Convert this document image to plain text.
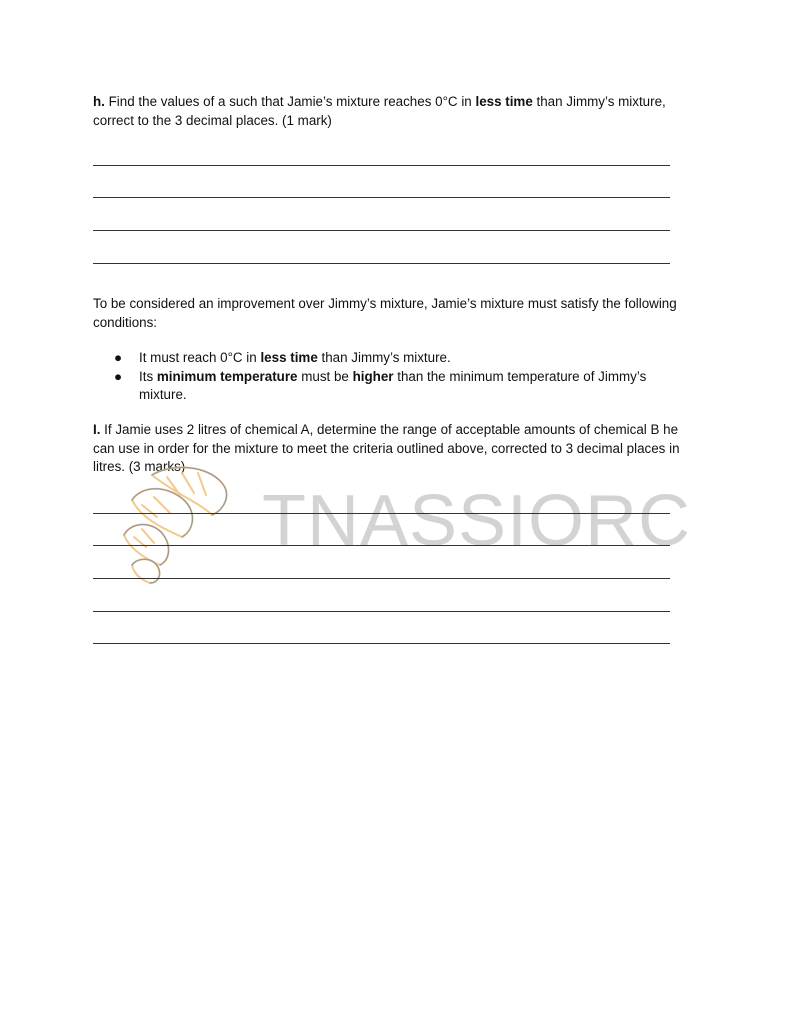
h. Find the values of a such that Jamie’s mixture reaches 0°C in less time than Jimmy’s mixture, correct to the 3 decimal places. (1 mark)

To be considered an improvement over Jimmy’s mixture, Jamie’s mixture must satisfy the following conditions:

● It must reach 0°C in less time than Jimmy’s mixture.
● Its minimum temperature must be higher than the minimum temperature of Jimmy’s mixture.

I. If Jamie uses 2 litres of chemical A, determine the range of acceptable amounts of chemical B he can use in order for the mixture to meet the criteria outlined above, corrected to 3 decimal places in litres. (3 marks)

TNASSIORC
